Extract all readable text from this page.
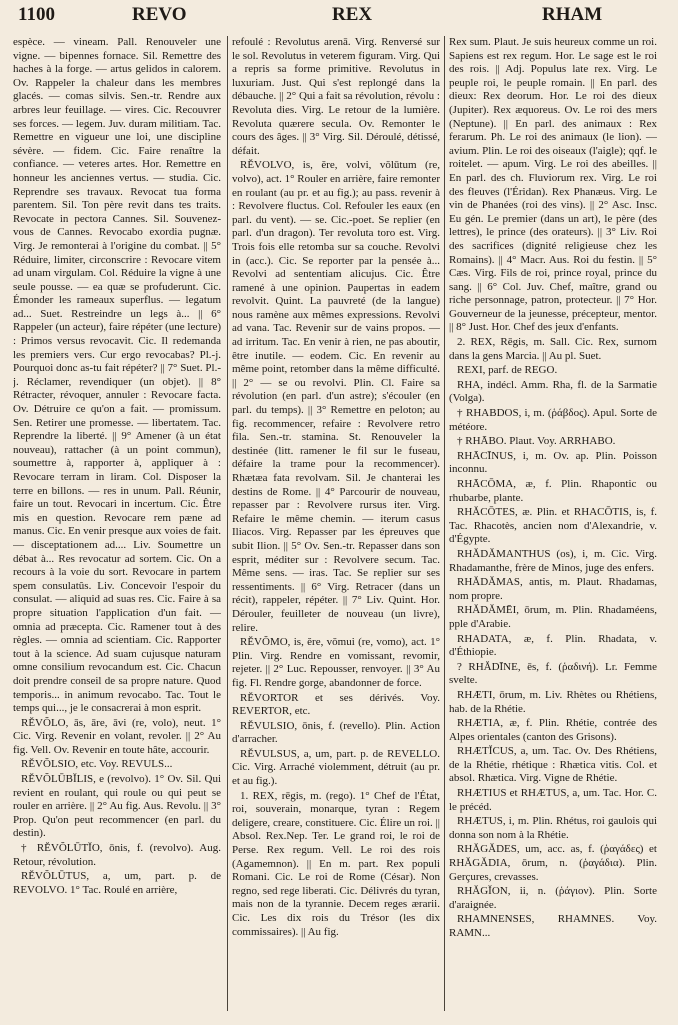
1100	REVO	REX	RHAM

espèce. — vineam. Pall. Renouveler une vigne. — bipennes fornace. Sil. Remettre des haches à la forge. — artus gelidos in calorem. Ov. Rappeler la chaleur dans les membres glacés. — comas silvis. Sen.-tr. Rendre aux arbres leur feuillage. — vires. Cic. Recouvrer ses forces. — legem. Juv. duram militiam. Tac. Remettre en vigueur une loi, une discipline sévère. — fidem. Cic. Faire renaître la confiance. — veteres artes. Hor. Remettre en honneur les anciennes vertus. — studia. Cic. Reprendre ses travaux. Revocat tua forma parentem. Sil. Ton père revit dans tes traits. Revocate in pectora Cannes. Sil. Souvenez-vous de Cannes. Revocabo exordia pugnæ. Virg. Je remonterai à l'origine du combat. || 5° Réduire, limiter, circonscrire : Revocare vitem ad unam virgulam. Col. Réduire la vigne à une seule pousse. — ea quæ se profuderunt. Cic. Émonder les rameaux superflus. — legatum ad... Suet. Restreindre un legs à... || 6° Rappeler (un acteur), faire répéter (une lecture) : Primos versus revocavit. Cic. Il redemanda les premiers vers. Cur ergo revocabas? Pl.-j. Pourquoi donc as-tu fait répéter? || 7° Suet. Pl.-j. Réclamer, revendiquer (un objet). || 8° Rétracter, révoquer, annuler : Revocare facta. Ov. Détruire ce qu'on a fait. — promissum. Sen. Retirer une promesse. — libertatem. Tac. Reprendre la liberté. || 9° Amener (à un état nouveau), rattacher (à un point commun), soumettre à, rapporter à, appliquer à : Revocare terram in liram. Col. Disposer la terre en billons. — res in unum. Pall. Réunir, faire un tout. Revocari in incertum. Cic. Être mis en question. Revocare rem pæne ad manus. Cic. En venir presque aux voies de fait. — disceptationem ad.... Liv. Soumettre un débat à... Res revocatur ad sortem. Cic. On a recours à la voie du sort. Revocare in partem spem consulatûs. Liv. Concevoir l'espoir du consulat. — aliquid ad suas res. Cic. Faire à sa propre situation l'application d'un fait. — omnia ad præcepta. Cic. Ramener tout à des règles. — omnia ad scientiam. Cic. Rapporter tout à la science. Ad suam cujusque naturam omne consilium revocandum est. Cic. Chacun doit prendre conseil de sa propre nature. Quod temporis... in animum revocabo. Tac. Tout le temps qui..., je le consacrerai à mon esprit.

RĔVŎLO, ās, āre, āvi (re, volo), neut. 1° Cic. Virg. Revenir en volant, revoler. || 2° Au fig. Vell. Ov. Revenir en toute hâte, accourir.

RĔVŎLSIO, etc. Voy. REVULS...

RĔVŎLŪBĬLIS, e (revolvo). 1° Ov. Sil. Qui revient en roulant, qui roule ou qui peut se rouler en arrière. || 2° Au fig. Aus. Revolu. || 3° Prop. Qu'on peut recommencer (en parl. du destin).

† RĔVŎLŪTĬO, ōnis, f. (revolvo). Aug. Retour, révolution.

RĔVŎLŪTUS, a, um, part. p. de REVOLVO. 1° Tac. Roulé en arrière,

refoulé : Revolutus arenā. Virg. Renversé sur le sol. Revolutus in veterem figuram. Virg. Qui a repris sa forme primitive. Revolutus in luxuriam. Just. Qui s'est replongé dans la débauche. || 2° Qui a fait sa révolution, révolu : Revoluta dies. Virg. Le retour de la lumière. Revoluta quærere secula. Ov. Remonter le cours des âges. || 3° Virg. Sil. Déroulé, détissé, défait.

RĔVOLVO, is, ĕre, volvi, vŏlūtum (re, volvo), act. 1° Rouler en arrière, faire remonter en roulant (au pr. et au fig.); au pass. revenir à : Revolvere fluctus. Col. Refouler les eaux (en parl. du vent). — se. Cic.-poet. Se replier (en parl. d'un dragon). Ter revoluta toro est. Virg. Trois fois elle retomba sur sa couche. Revolvi in (acc.). Cic. Se reporter par la pensée à... Revolvi ad sententiam alicujus. Cic. Être ramené à une opinion. Paupertas in eadem revolvit. Quint. La pauvreté (de la langue) nous ramène aux mêmes expressions. Revolvi ad vana. Tac. Revenir sur de vains propos. — ad irritum. Tac. En venir à rien, ne pas aboutir, être inutile. — eodem. Cic. En revenir au même point, retomber dans la même difficulté. || 2° — se ou revolvi. Plin. Cl. Faire sa révolution (en parl. d'un astre); s'écouler (en parl. du temps). || 3° Remettre en peloton; au fig. recommencer, refaire : Revolvere retro fila. Sen.-tr. stamina. St. Renouveler la destinée (litt. ramener le fil sur le fuseau, défaire la trame pour la recommencer). Rhætæa fata revolvam. Sil. Je chanterai les destins de Rome. || 4° Parcourir de nouveau, repasser par : Revolvere rursus iter. Virg. Refaire le même chemin. — iterum casus Iliacos. Virg. Repasser par les épreuves que subit Ilion. || 5° Ov. Sen.-tr. Repasser dans son esprit, méditer sur : Revolvere secum. Tac. Même sens. — iras. Tac. Se replier sur ses ressentiments. || 6° Virg. Retracer (dans un récit), rappeler, répéter. || 7° Liv. Quint. Hor. Dérouler, feuilleter de nouveau (un livre), relire.

RĔVŎMO, is, ĕre, vŏmui (re, vomo), act. 1° Plin. Virg. Rendre en vomissant, revomir, rejeter. || 2° Luc. Repousser, renvoyer. || 3° Au fig. Fl. Rendre gorge, abandonner de force.

RĔVORTOR et ses dérivés. Voy. REVERTOR, etc.

RĔVULSIO, ōnis, f. (revello). Plin. Action d'arracher.

RĔVULSUS, a, um, part. p. de REVELLO. Cic. Virg. Arraché violemment, détruit (au pr. et au fig.).

1. REX, rēgis, m. (rego). 1° Chef de l'État, roi, souverain, monarque, tyran : Regem deligere, creare, constituere. Cic. Élire un roi. || Absol. Rex.Nep. Ter. Le grand roi, le roi de Perse. Rex regum. Vell. Le roi des rois (Agamemnon). || En m. part. Rex populi Romani. Cic. Le roi de Rome (César). Non regno, sed rege liberati. Cic. Délivrés du tyran, mais non de la tyrannie. Decem reges ærarii. Cic. Les dix rois du Trésor (les dix commissaires). || Au fig.

Rex sum. Plaut. Je suis heureux comme un roi. Sapiens est rex regum. Hor. Le sage est le roi des rois. || Adj. Populus late rex. Virg. Le peuple roi, le peuple romain. || En parl. des dieux: Rex deorum. Hor. Le roi des dieux (Jupiter). Rex æquoreus. Ov. Le roi des mers (Neptune). || En parl. des animaux : Rex ferarum. Ph. Le roi des animaux (le lion). — avium. Plin. Le roi des oiseaux (l'aigle); qqf. le roitelet. — apum. Virg. Le roi des abeilles. || En parl. des ch. Fluviorum rex. Virg. Le roi des fleuves (l'Éridan). Rex Phanæus. Virg. Le vin de Phanées (roi des vins). || 2° Asc. Insc. Eu gén. Le premier (dans un art), le père (des lettres), le prince (des orateurs). || 3° Liv. Roi des sacrifices (dignité religieuse chez les Romains). || 4° Macr. Aus. Roi du festin. || 5° Cæs. Virg. Fils de roi, prince royal, prince du sang. || 6° Col. Juv. Chef, maître, grand ou riche personnage, patron, protecteur. || 7° Hor. Gouverneur de la jeunesse, précepteur, mentor. || 8° Just. Hor. Chef des jeux d'enfants.

2. REX, Rēgis, m. Sall. Cic. Rex, surnom dans la gens Marcia. || Au pl. Suet.

REXI, parf. de REGO.

RHA, indécl. Amm. Rha, fl. de la Sarmatie (Volga).

† RHABDOS, i, m. (ῥάβδος). Apul. Sorte de météore.

† RHĀBO. Plaut. Voy. ARRHABO.

RHĀCĪNUS, i, m. Ov. ap. Plin. Poisson inconnu.

RHĀCŌMA, æ, f. Plin. Rhapontic ou rhubarbe, plante.

RHĂCŌTES, æ. Plin. et RHACŌTIS, is, f. Tac. Rhacotès, ancien nom d'Alexandrie, v. d'Égypte.

RHĂDĂMANTHUS (os), i, m. Cic. Virg. Rhadamanthe, frère de Minos, juge des enfers.

RHĂDĂMAS, antis, m. Plaut. Rhadamas, nom propre.

RHĂDĂMĒI, ōrum, m. Plin. Rhadaméens, pple d'Arabie.

RHADATA, æ, f. Plin. Rhadata, v. d'Éthiopie.

? RHĂDĪNE, ēs, f. (ῥαδινή). Lr. Femme svelte.

RHÆTI, ōrum, m. Liv. Rhètes ou Rhétiens, hab. de la Rhétie.

RHÆTIA, æ, f. Plin. Rhétie, contrée des Alpes orientales (canton des Grisons).

RHÆTĬCUS, a, um. Tac. Ov. Des Rhétiens, de la Rhétie, rhétique : Rhætica vitis. Col. et absol. Rhætica. Virg. Vigne de Rhétie.

RHÆTIUS et RHÆTUS, a, um. Tac. Hor. C. le précéd.

RHÆTUS, i, m. Plin. Rhétus, roi gaulois qui donna son nom à la Rhétie.

RHĂGĂDES, um, acc. as, f. (ῥαγάδες) et RHĂGĂDIA, ōrum, n. (ῥαγάδια). Plin. Gerçures, crevasses.

RHĂGĬON, ii, n. (ῥάγιον). Plin. Sorte d'araignée.

RHAMNENSES, RHAMNES. Voy. RAMN...
